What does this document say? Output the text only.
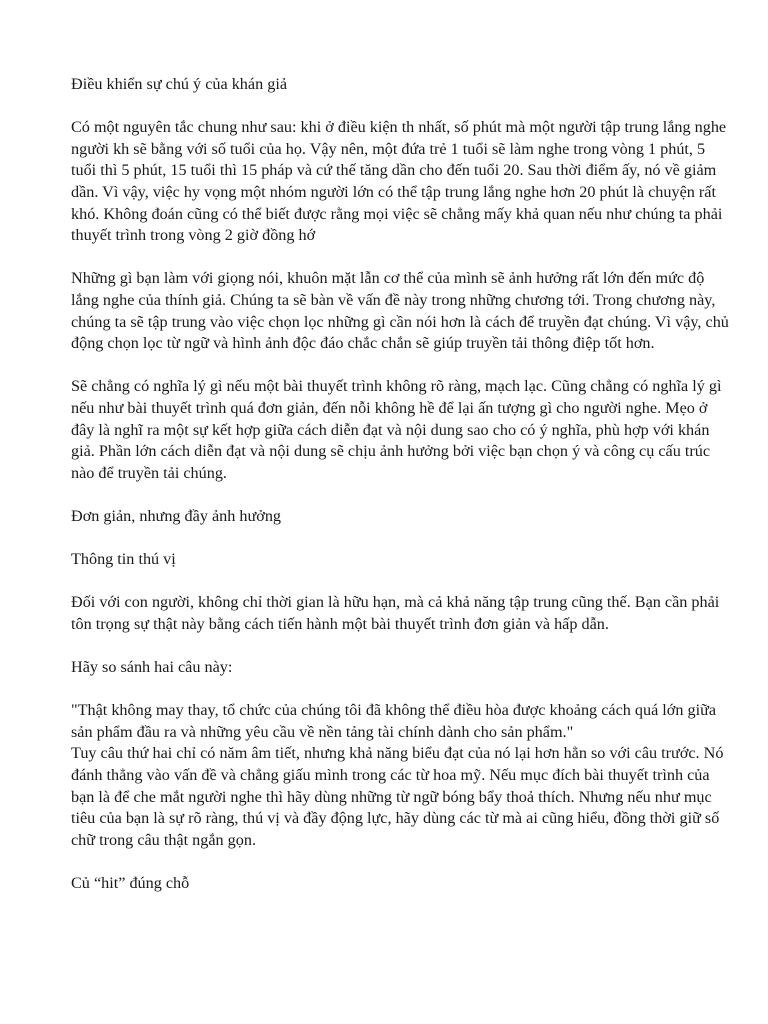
Điều khiển sự chú ý của khán giả

Có một nguyên tắc chung như sau: khi ở điều kiện th nhất, số phút mà một người tập trung lắng nghe người kh sẽ bằng với số tuổi của họ. Vậy nên, một đứa trẻ 1 tuổi sẽ làm nghe trong vòng 1 phút, 5 tuổi thì 5 phút, 15 tuổi thì 15 pháp và cứ thế tăng dần cho đến tuổi 20. Sau thời điểm ấy, nó về giảm dần. Vì vậy, việc hy vọng một nhóm người lớn có thể tập trung lắng nghe hơn 20 phút là chuyện rất khó. Không đoán cũng có thể biết được rằng mọi việc sẽ chẳng mấy khả quan nếu như chúng ta phải thuyết trình trong vòng 2 giờ đồng hớ

Những gì bạn làm với giọng nói, khuôn mặt lẫn cơ thể của mình sẽ ảnh hưởng rất lớn đến mức độ lắng nghe của thính giả. Chúng ta sẽ bàn về vấn đề này trong những chương tới. Trong chương này, chúng ta sẽ tập trung vào việc chọn lọc những gì cần nói hơn là cách để truyền đạt chúng. Vì vậy, chủ động chọn lọc từ ngữ và hình ảnh độc đáo chắc chắn sẽ giúp truyền tải thông điệp tốt hơn.

Sẽ chẳng có nghĩa lý gì nếu một bài thuyết trình không rõ ràng, mạch lạc. Cũng chẳng có nghĩa lý gì nếu như bài thuyết trình quá đơn giản, đến nỗi không hề để lại ấn tượng gì cho người nghe. Mẹo ở đây là nghĩ ra một sự kết hợp giữa cách diễn đạt và nội dung sao cho có ý nghĩa, phù hợp với khán giả. Phần lớn cách diễn đạt và nội dung sẽ chịu ảnh hưởng bởi việc bạn chọn ý và công cụ cấu trúc nào để truyền tải chúng.

Đơn giản, nhưng đầy ảnh hưởng

Thông tin thú vị

Đối với con người, không chỉ thời gian là hữu hạn, mà cả khả năng tập trung cũng thế. Bạn cần phải tôn trọng sự thật này bằng cách tiến hành một bài thuyết trình đơn giản và hấp dẫn.

Hãy so sánh hai câu này:

"Thật không may thay, tổ chức của chúng tôi đã không thể điều hòa được khoảng cách quá lớn giữa sản phẩm đầu ra và những yêu cầu về nền tảng tài chính dành cho sản phẩm."

Tuy câu thứ hai chỉ có năm âm tiết, nhưng khả năng biểu đạt của nó lại hơn hẳn so với câu trước. Nó đánh thẳng vào vấn đề và chẳng giấu mình trong các từ hoa mỹ. Nếu mục đích bài thuyết trình của bạn là để che mắt người nghe thì hãy dùng những từ ngữ bóng bẩy thoả thích. Nhưng nếu như mục tiêu của bạn là sự rõ ràng, thú vị và đầy động lực, hãy dùng các từ mà ai cũng hiểu, đồng thời giữ số chữ trong câu thật ngắn gọn.

Củ “hit” đúng chỗ
